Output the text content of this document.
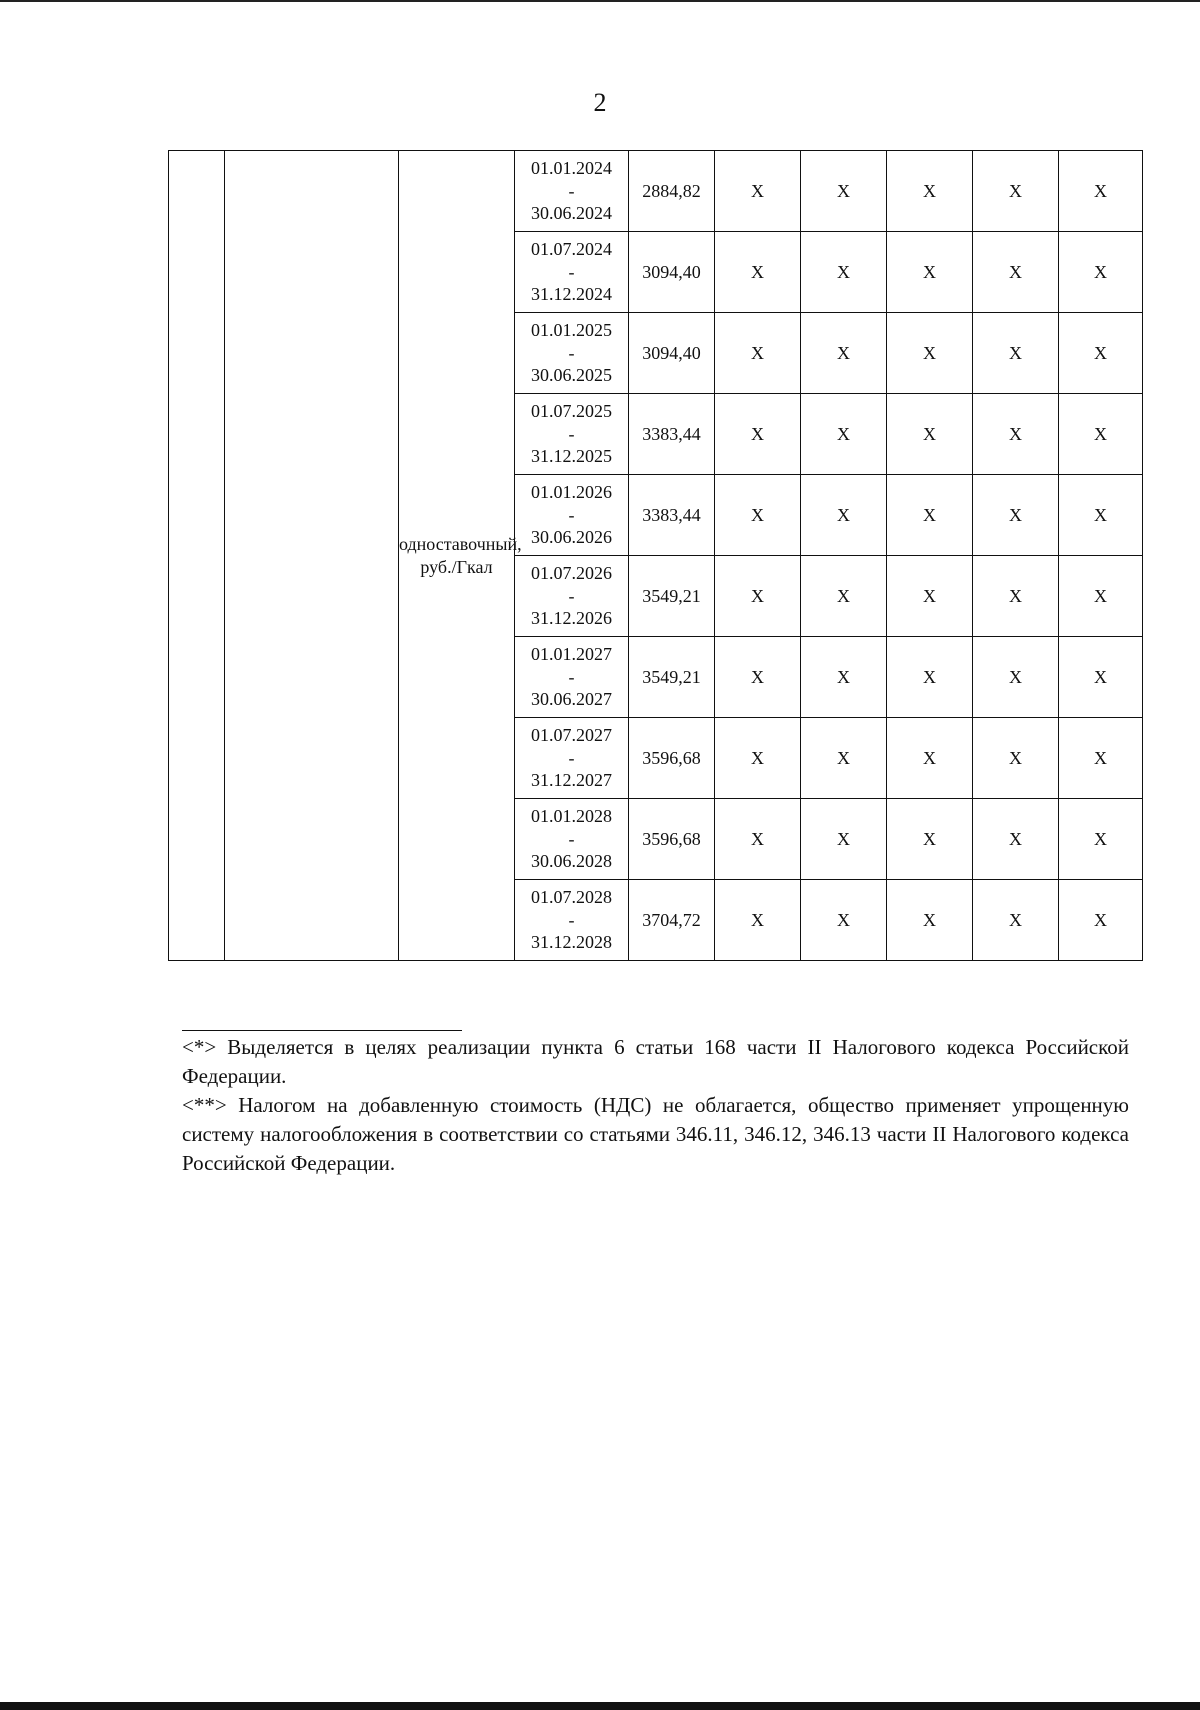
2
		одноставочный, руб./Гкал	01.01.2024
-
30.06.2024	2884,82	X	X	X	X	X

			01.07.2024
-
31.12.2024	3094,40	X	X	X	X	X

			01.01.2025
-
30.06.2025	3094,40	X	X	X	X	X

			01.07.2025
-
31.12.2025	3383,44	X	X	X	X	X

			01.01.2026
-
30.06.2026	3383,44	X	X	X	X	X

			01.07.2026
-
31.12.2026	3549,21	X	X	X	X	X

			01.01.2027
-
30.06.2027	3549,21	X	X	X	X	X

			01.07.2027
-
31.12.2027	3596,68	X	X	X	X	X

			01.01.2028
-
30.06.2028	3596,68	X	X	X	X	X

			01.07.2028
-
31.12.2028	3704,72	X	X	X	X	X

<*> Выделяется в целях реализации пункта 6 статьи 168 части II Налогового кодекса Российской Федерации.

<**> Налогом на добавленную стоимость (НДС) не облагается, общество применяет упрощенную систему налогообложения в соответствии со статьями 346.11, 346.12, 346.13 части II Налогового кодекса Российской Федерации.
